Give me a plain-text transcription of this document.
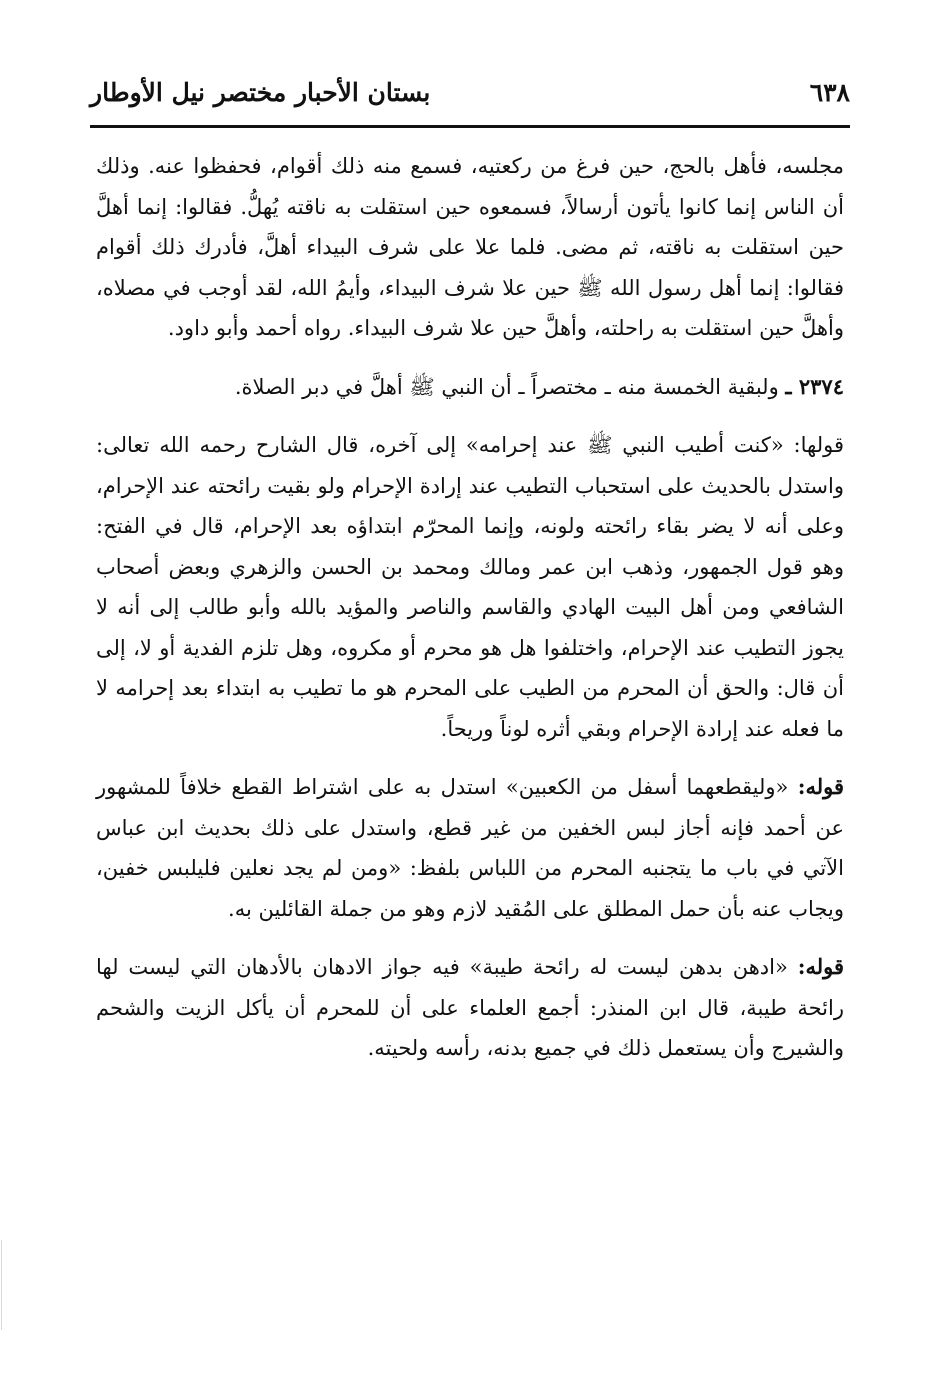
٦٣٨
بستان الأحبار مختصر نيل الأوطار

مجلسه، فأهل بالحج، حين فرغ من ركعتيه، فسمع منه ذلك أقوام، فحفظوا عنه. وذلك أن الناس إنما كانوا يأتون أرسالاً، فسمعوه حين استقلت به ناقته يُهلُّ. فقالوا: إنما أهلَّ حين استقلت به ناقته، ثم مضى. فلما علا على شرف البيداء أهلَّ، فأدرك ذلك أقوام فقالوا: إنما أهل رسول الله ﷺ حين علا شرف البيداء، وأيمُ الله، لقد أوجب في مصلاه، وأهلَّ حين استقلت به راحلته، وأهلَّ حين علا شرف البيداء. رواه أحمد وأبو داود.

٢٣٧٤ ـ ولبقية الخمسة منه ـ مختصراً ـ أن النبي ﷺ أهلَّ في دبر الصلاة.

قولها: «كنت أطيب النبي ﷺ عند إحرامه» إلى آخره، قال الشارح رحمه الله تعالى: واستدل بالحديث على استحباب التطيب عند إرادة الإحرام ولو بقيت رائحته عند الإحرام، وعلى أنه لا يضر بقاء رائحته ولونه، وإنما المحرّم ابتداؤه بعد الإحرام، قال في الفتح: وهو قول الجمهور، وذهب ابن عمر ومالك ومحمد بن الحسن والزهري وبعض أصحاب الشافعي ومن أهل البيت الهادي والقاسم والناصر والمؤيد بالله وأبو طالب إلى أنه لا يجوز التطيب عند الإحرام، واختلفوا هل هو محرم أو مكروه، وهل تلزم الفدية أو لا، إلى أن قال: والحق أن المحرم من الطيب على المحرم هو ما تطيب به ابتداء بعد إحرامه لا ما فعله عند إرادة الإحرام وبقي أثره لوناً وريحاً.

قوله: «وليقطعهما أسفل من الكعبين» استدل به على اشتراط القطع خلافاً للمشهور عن أحمد فإنه أجاز لبس الخفين من غير قطع، واستدل على ذلك بحديث ابن عباس الآتي في باب ما يتجنبه المحرم من اللباس بلفظ: «ومن لم يجد نعلين فليلبس خفين، ويجاب عنه بأن حمل المطلق على المُقيد لازم وهو من جملة القائلين به.

قوله: «ادهن بدهن ليست له رائحة طيبة» فيه جواز الادهان بالأدهان التي ليست لها رائحة طيبة، قال ابن المنذر: أجمع العلماء على أن للمحرم أن يأكل الزيت والشحم والشيرج وأن يستعمل ذلك في جميع بدنه، رأسه ولحيته.
